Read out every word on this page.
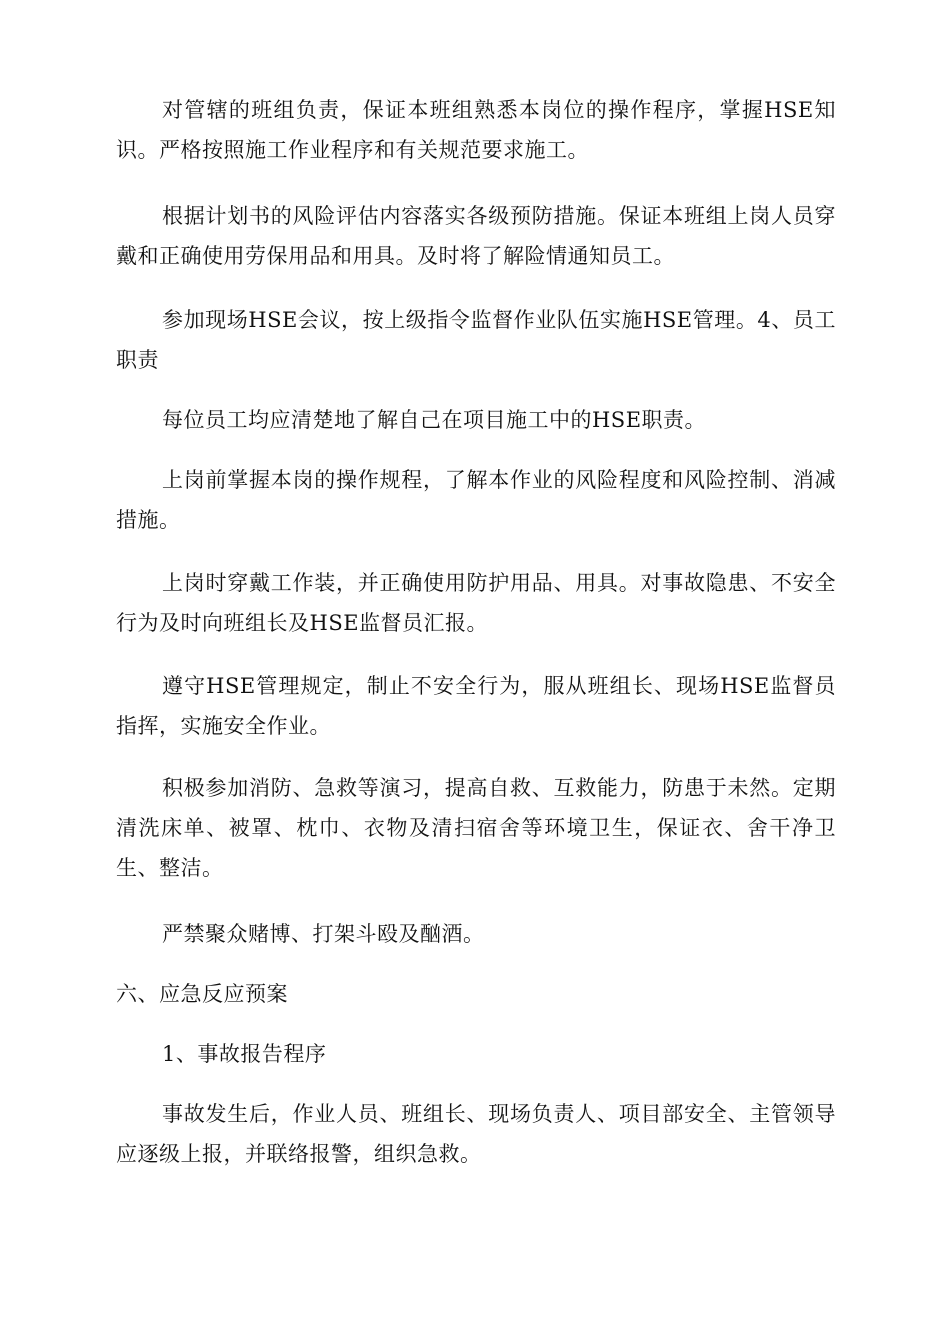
对管辖的班组负责，保证本班组熟悉本岗位的操作程序，掌握HSE知识。严格按照施工作业程序和有关规范要求施工。

根据计划书的风险评估内容落实各级预防措施。保证本班组上岗人员穿戴和正确使用劳保用品和用具。及时将了解险情通知员工。

参加现场HSE会议，按上级指令监督作业队伍实施HSE管理。4、员工职责

每位员工均应清楚地了解自己在项目施工中的HSE职责。

上岗前掌握本岗的操作规程，了解本作业的风险程度和风险控制、消减措施。

上岗时穿戴工作装，并正确使用防护用品、用具。对事故隐患、不安全行为及时向班组长及HSE监督员汇报。

遵守HSE管理规定，制止不安全行为，服从班组长、现场HSE监督员指挥，实施安全作业。

积极参加消防、急救等演习，提高自救、互救能力，防患于未然。定期清洗床单、被罩、枕巾、衣物及清扫宿舍等环境卫生，保证衣、舍干净卫生、整洁。

严禁聚众赌博、打架斗殴及酗酒。

六、应急反应预案

1、事故报告程序

事故发生后，作业人员、班组长、现场负责人、项目部安全、主管领导应逐级上报，并联络报警，组织急救。
